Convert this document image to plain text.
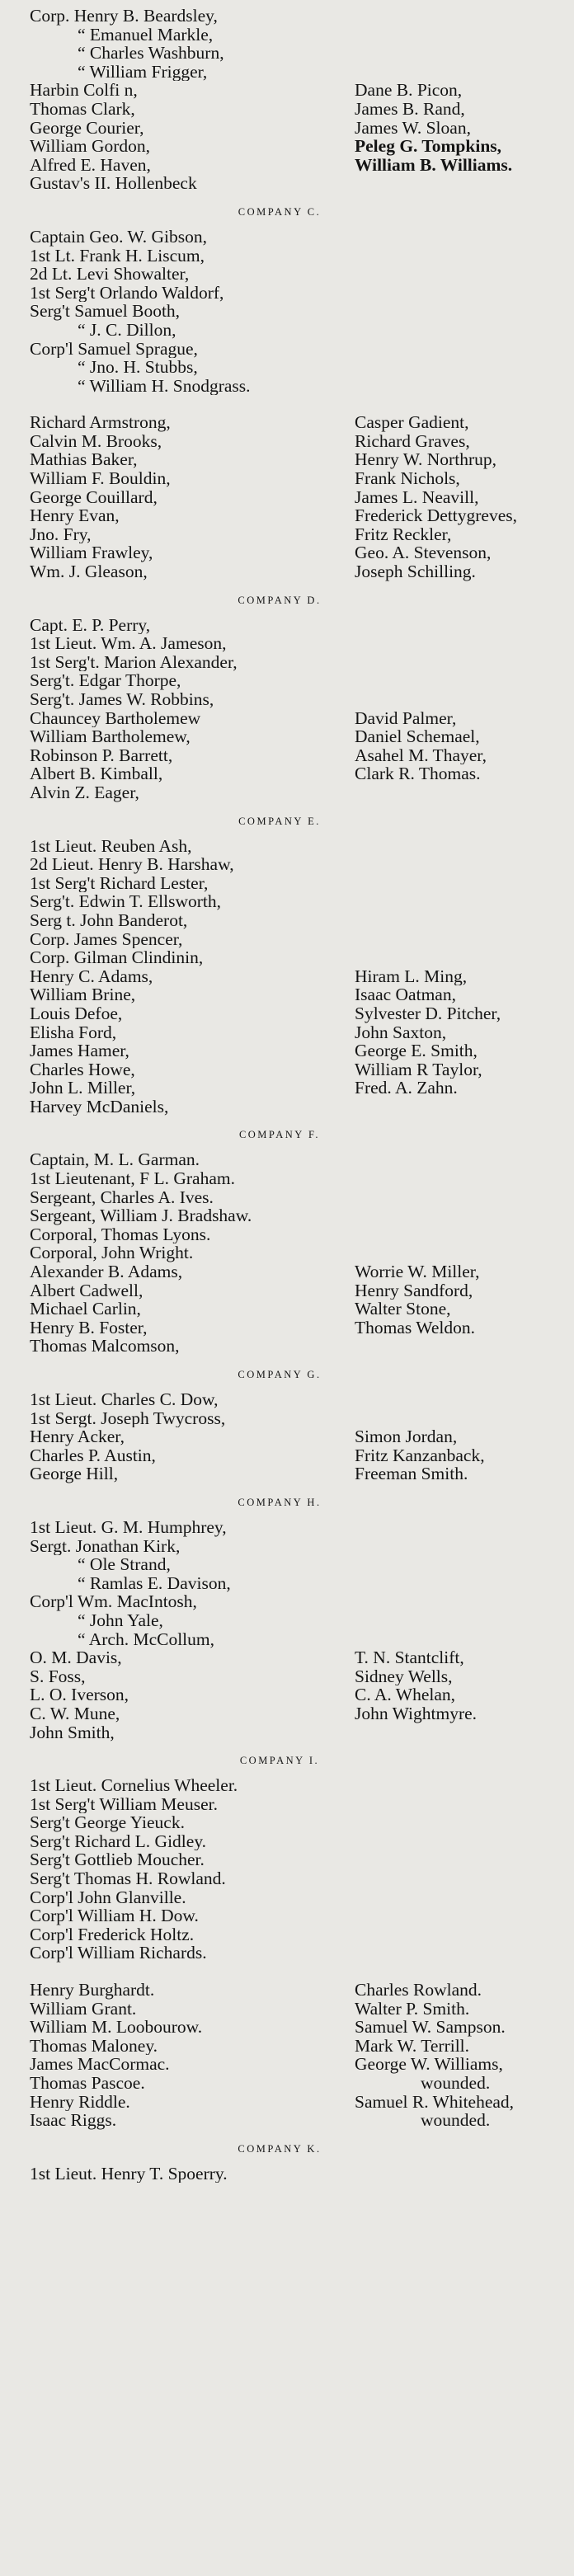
Corp. Henry B. Beardsley,
“ Emanuel Markle,
“ Charles Washburn,
“ William Frigger,
Harbin Colfi n,	Dane B. Picon,
Thomas Clark,	James B. Rand,
George Courier,	James W. Sloan,
William Gordon,	Peleg G. Tompkins,
Alfred E. Haven,	William B. Williams.
Gustav's II. Hollenbeck
COMPANY C.
Captain Geo. W. Gibson,
1st Lt. Frank H. Liscum,
2d Lt. Levi Showalter,
1st Serg't Orlando Waldorf,
Serg't Samuel Booth,
“ J. C. Dillon,
Corp'l Samuel Sprague,
“ Jno. H. Stubbs,
“ William H. Snodgrass.
Richard Armstrong,	Casper Gadient,
Calvin M. Brooks,	Richard Graves,
Mathias Baker,	Henry W. Northrup,
William F. Bouldin,	Frank Nichols,
George Couillard,	James L. Neavill,
Henry Evan,	Frederick Dettygreves,
Jno. Fry,	Fritz Reckler,
William Frawley,	Geo. A. Stevenson,
Wm. J. Gleason,	Joseph Schilling.
COMPANY D.
Capt. E. P. Perry,
1st Lieut. Wm. A. Jameson,
1st Serg't. Marion Alexander,
Serg't. Edgar Thorpe,
Serg't. James W. Robbins,
Chauncey Bartholemew	David Palmer,
William Bartholemew,	Daniel Schemael,
Robinson P. Barrett,	Asahel M. Thayer,
Albert B. Kimball,	Clark R. Thomas.
Alvin Z. Eager,
COMPANY E.
1st Lieut. Reuben Ash,
2d Lieut. Henry B. Harshaw,
1st Serg't Richard Lester,
Serg't. Edwin T. Ellsworth,
Serg t. John Banderot,
Corp. James Spencer,
Corp. Gilman Clindinin,
Henry C. Adams,	Hiram L. Ming,
William Brine,	Isaac Oatman,
Louis Defoe,	Sylvester D. Pitcher,
Elisha Ford,	John Saxton,
James Hamer,	George E. Smith,
Charles Howe,	William R Taylor,
John L. Miller,	Fred. A. Zahn.
Harvey McDaniels,
COMPANY F.
Captain, M. L. Garman.
1st Lieutenant, F L. Graham.
Sergeant, Charles A. Ives.
Sergeant, William J. Bradshaw.
Corporal, Thomas Lyons.
Corporal, John Wright.
Alexander B. Adams,	Worrie W. Miller,
Albert Cadwell,	Henry Sandford,
Michael Carlin,	Walter Stone,
Henry B. Foster,	Thomas Weldon.
Thomas Malcomson,
COMPANY G.
1st Lieut. Charles C. Dow,
1st Sergt. Joseph Twycross,
Henry Acker,	Simon Jordan,
Charles P. Austin,	Fritz Kanzanback,
George Hill,	Freeman Smith.
COMPANY H.
1st Lieut. G. M. Humphrey,
Sergt. Jonathan Kirk,
“ Ole Strand,
“ Ramlas E. Davison,
Corp'l Wm. MacIntosh,
“ John Yale,
“ Arch. McCollum,
O. M. Davis,	T. N. Stantclift,
S. Foss,	Sidney Wells,
L. O. Iverson,	C. A. Whelan,
C. W. Mune,	John Wightmyre.
John Smith,
COMPANY I.
1st Lieut. Cornelius Wheeler.
1st Serg't William Meuser.
Serg't George Yieuck.
Serg't Richard L. Gidley.
Serg't Gottlieb Moucher.
Serg't Thomas H. Rowland.
Corp'l John Glanville.
Corp'l William H. Dow.
Corp'l Frederick Holtz.
Corp'l William Richards.
Henry Burghardt.	Charles Rowland.
William Grant.	Walter P. Smith.
William M. Loobourow.	Samuel W. Sampson.
Thomas Maloney.	Mark W. Terrill.
James MacCormac.	George W. Williams,
Thomas Pascoe.	wounded.
Henry Riddle.	Samuel R. Whitehead,
Isaac Riggs.	wounded.
COMPANY K.
1st Lieut. Henry T. Spoerry.
